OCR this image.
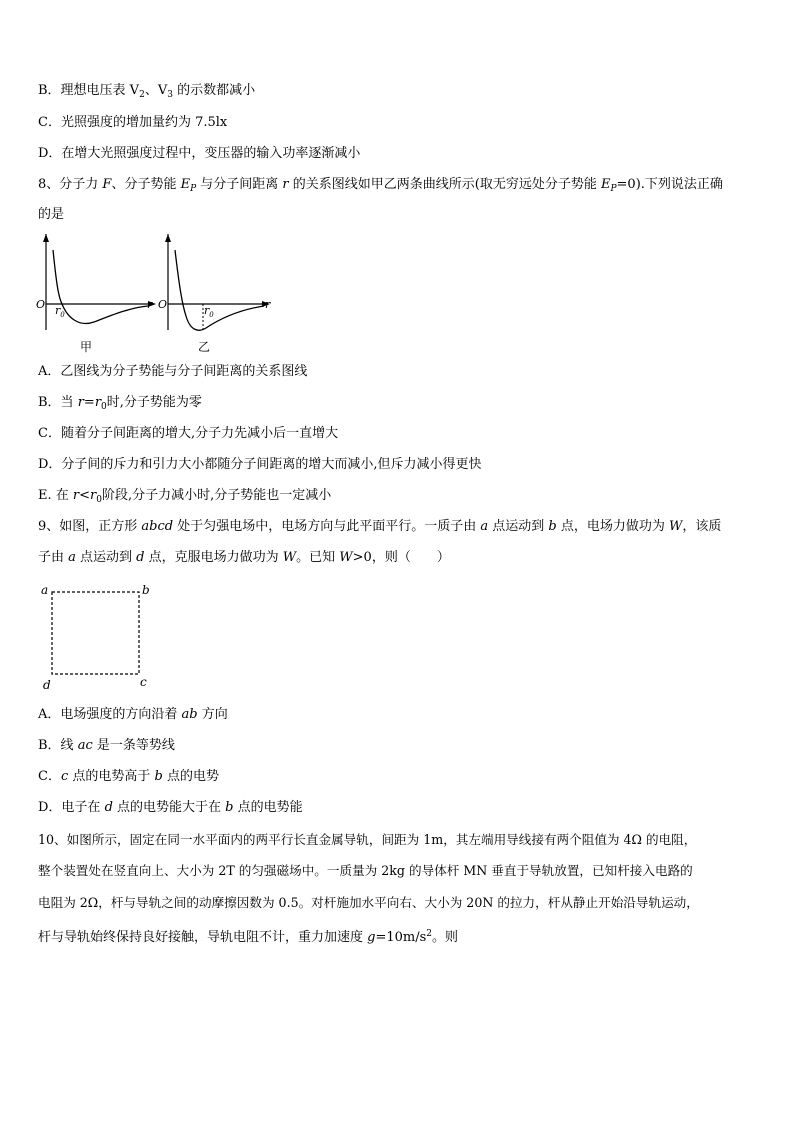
B．理想电压表 $V_2$、$V_3$ 的示数都减小
C．光照强度的增加量约为 7.5lx
D．在增大光照强度过程中，变压器的输入功率逐渐减小
8、分子力 F、分子势能 $E_P$ 与分子间距离 r 的关系图线如甲乙两条曲线所示(取无穷远处分子势能 $E_P=0$).下列说法正确
的是
O $r_0$
r
甲
O	$r_0$
r
乙
A．乙图线为分子势能与分子间距离的关系图线
B．当 $r=r_0$时,分子势能为零
C．随着分子间距离的增大,分子力先减小后一直增大
D．分子间的斥力和引力大小都随分子间距离的增大而减小,但斥力减小得更快
E. 在 $r<r_0$阶段,分子力减小时,分子势能也一定减小
9、如图，正方形 abcd 处于匀强电场中，电场方向与此平面平行。一质子由 a 点运动到 b 点，电场力做功为 W，该质
子由 a 点运动到 d 点，克服电场力做功为 W。已知 W>0，则（　　）
a	b
c
d
A．电场强度的方向沿着 ab 方向
B．线 ac 是一条等势线
C．c 点的电势高于 b 点的电势
D．电子在 d 点的电势能大于在 b 点的电势能
10、如图所示，固定在同一水平面内的两平行长直金属导轨，间距为 1m，其左端用导线接有两个阻值为 4Ω 的电阻，
整个装置处在竖直向上、大小为 2T 的匀强磁场中。一质量为 2kg 的导体杆 MN 垂直于导轨放置，已知杆接入电路的
电阻为 2Ω，杆与导轨之间的动摩擦因数为 0.5。对杆施加水平向右、大小为 20N 的拉力，杆从静止开始沿导轨运动，
杆与导轨始终保持良好接触，导轨电阻不计，重力加速度 $g=10m/s^2$。则
